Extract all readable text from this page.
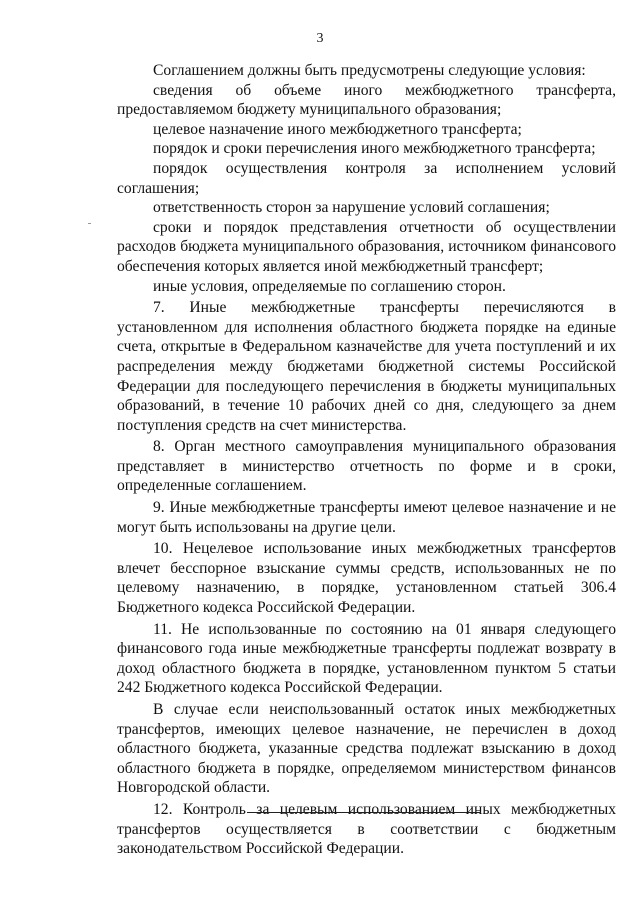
3

Соглашением должны быть предусмотрены следующие условия:

сведения об объеме иного межбюджетного трансферта, предоставляемом бюджету муниципального образования;

целевое назначение иного межбюджетного трансферта;

порядок и сроки перечисления иного межбюджетного трансферта;

порядок осуществления контроля за исполнением условий соглашения;

ответственность сторон за нарушение условий соглашения;

сроки и порядок представления отчетности об осуществлении расходов бюджета муниципального образования, источником финансового обеспечения которых является иной межбюджетный трансферт;

иные условия, определяемые по соглашению сторон.

7. Иные межбюджетные трансферты перечисляются в установленном для исполнения областного бюджета порядке на единые счета, открытые в Федеральном казначействе для учета поступлений и их распределения между бюджетами бюджетной системы Российской Федерации для последующего перечисления в бюджеты муниципальных образований, в течение 10 рабочих дней со дня, следующего за днем поступления средств на счет министерства.

8. Орган местного самоуправления муниципального образования представляет в министерство отчетность по форме и в сроки, определенные соглашением.

9. Иные межбюджетные трансферты имеют целевое назначение и не могут быть использованы на другие цели.

10. Нецелевое использование иных межбюджетных трансфертов влечет бесспорное взыскание суммы средств, использованных не по целевому назначению, в порядке, установленном статьей 306.4 Бюджетного кодекса Российской Федерации.

11. Не использованные по состоянию на 01 января следующего финансового года иные межбюджетные трансферты подлежат возврату в доход областного бюджета в порядке, установленном пунктом 5 статьи 242 Бюджетного кодекса Российской Федерации.

В случае если неиспользованный остаток иных межбюджетных трансфертов, имеющих целевое назначение, не перечислен в доход областного бюджета, указанные средства подлежат взысканию в доход областного бюджета в порядке, определяемом министерством финансов Новгородской области.

12. Контроль за целевым использованием иных межбюджетных трансфертов осуществляется в соответствии с бюджетным законодательством Российской Федерации.
